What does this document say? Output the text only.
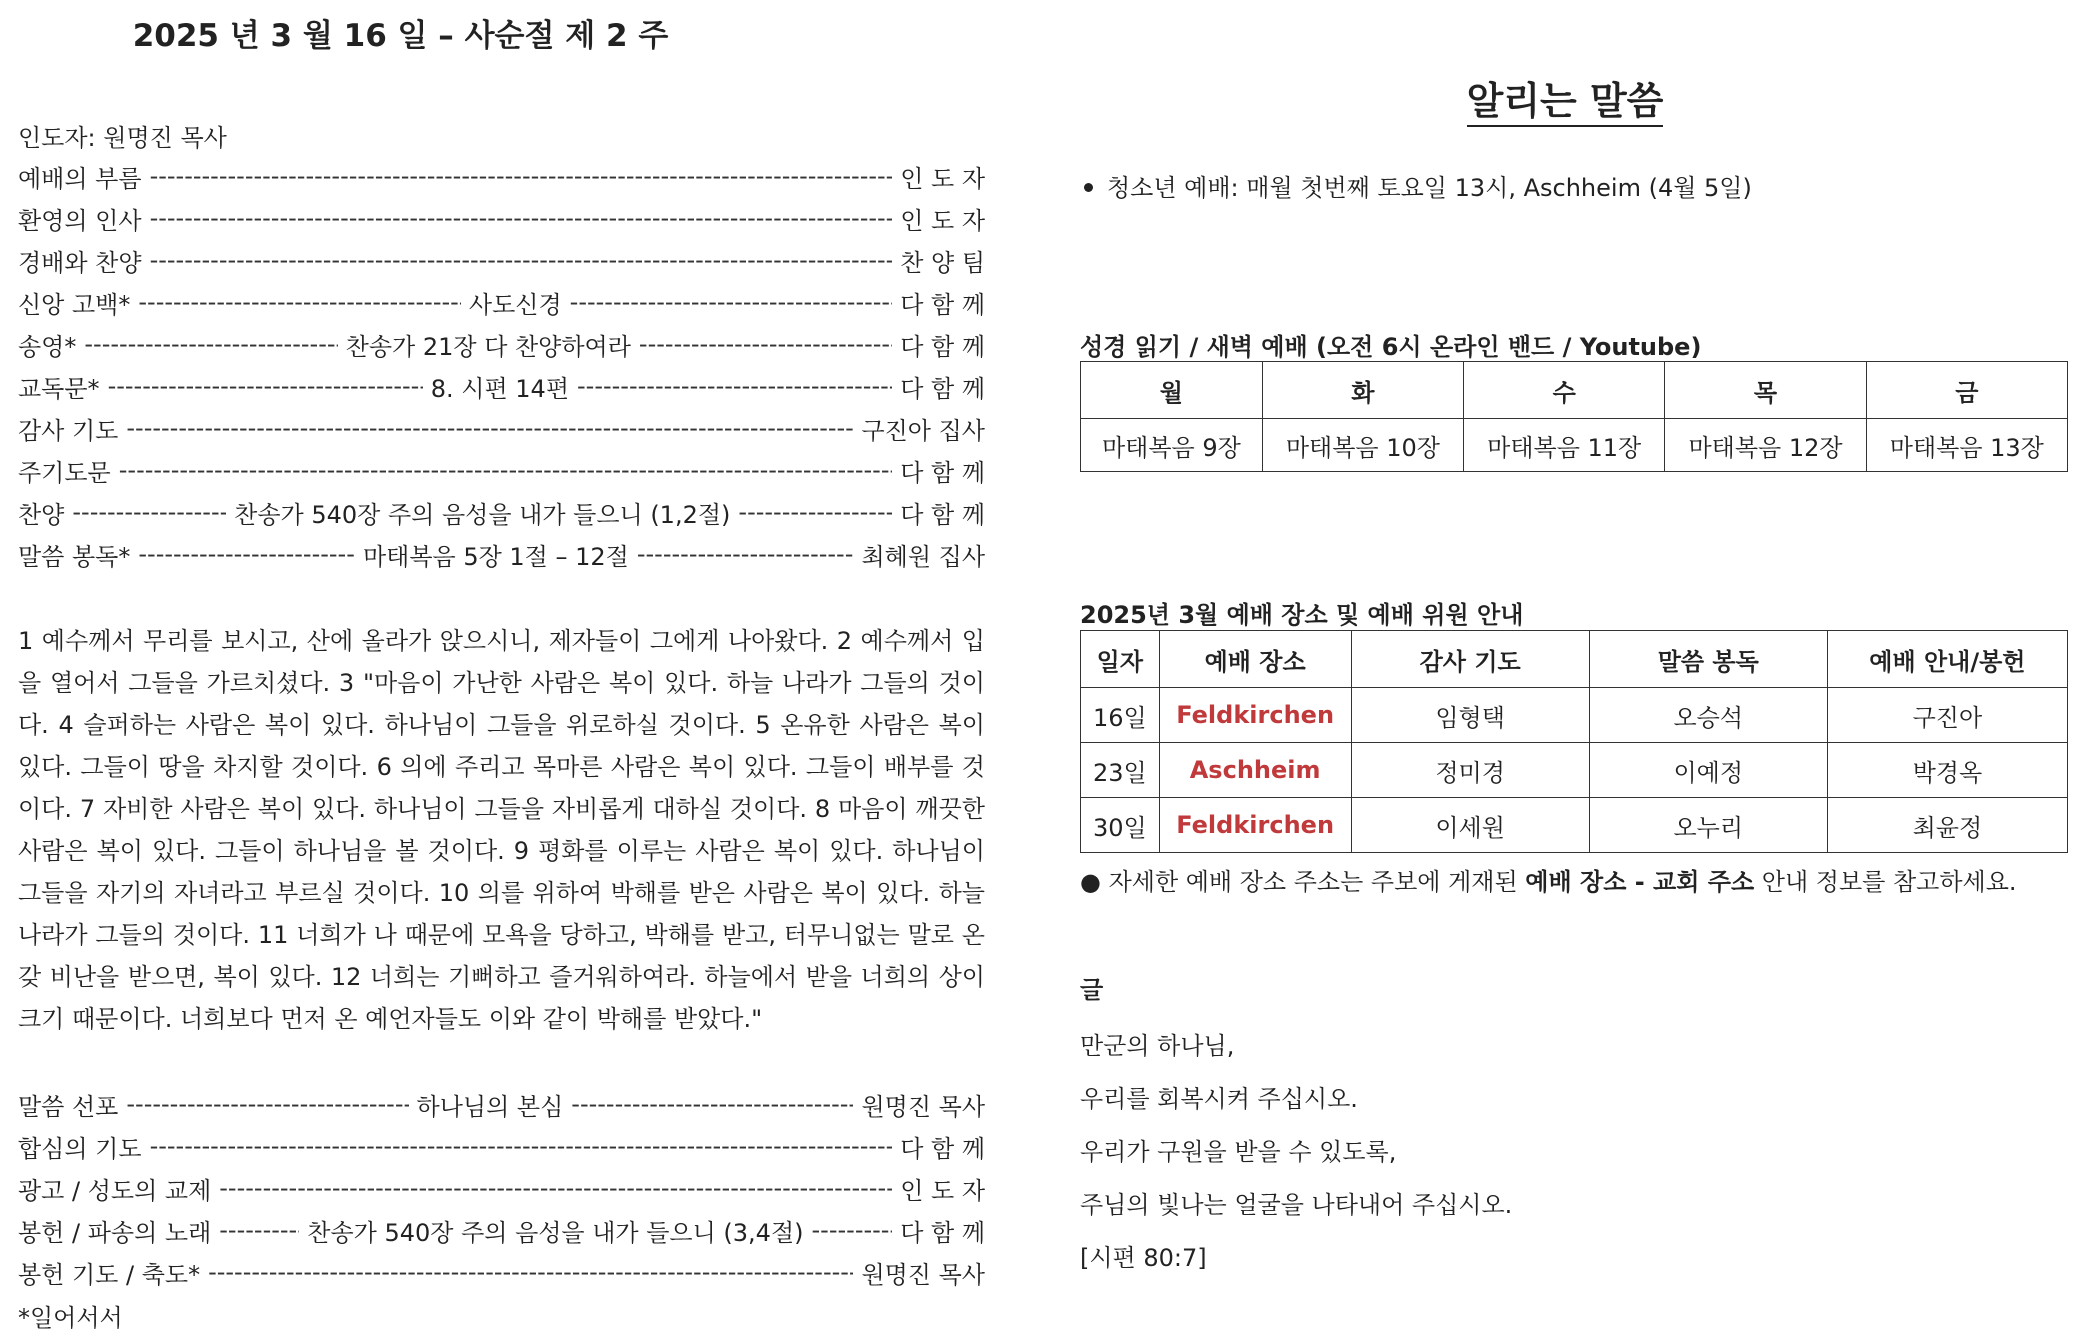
2025 년 3 월 16 일 – 사순절 제 2 주
인도자: 원명진 목사
예배의 부름 -----	인 도 자
환영의 인사 -----	인 도 자
경배와 찬양 -----	찬 양 팀
신앙 고백* -----	사도신경 -----	다 함 께
송영* -----	찬송가 21장 다 찬양하여라 -----	다 함 께
교독문* -----	8. 시편 14편 -----	다 함 께
감사 기도 -----	구진아 집사
주기도문 -----	다 함 께
찬양 -----	찬송가 540장 주의 음성을 내가 들으니 (1,2절) -----	다 함 께
말씀 봉독* -----	마태복음 5장 1절 – 12절 -----	최혜원 집사
1 예수께서 무리를 보시고, 산에 올라가 앉으시니, 제자들이 그에게 나아왔다. 2 예수께서 입을 열어서 그들을 가르치셨다. 3 "마음이 가난한 사람은 복이 있다. 하늘 나라가 그들의 것이다. 4 슬퍼하는 사람은 복이 있다. 하나님이 그들을 위로하실 것이다. 5 온유한 사람은 복이 있다. 그들이 땅을 차지할 것이다. 6 의에 주리고 목마른 사람은 복이 있다. 그들이 배부를 것이다. 7 자비한 사람은 복이 있다. 하나님이 그들을 자비롭게 대하실 것이다. 8 마음이 깨끗한 사람은 복이 있다. 그들이 하나님을 볼 것이다. 9 평화를 이루는 사람은 복이 있다. 하나님이 그들을 자기의 자녀라고 부르실 것이다. 10 의를 위하여 박해를 받은 사람은 복이 있다. 하늘 나라가 그들의 것이다. 11 너희가 나 때문에 모욕을 당하고, 박해를 받고, 터무니없는 말로 온갖 비난을 받으면, 복이 있다. 12 너희는 기뻐하고 즐거워하여라. 하늘에서 받을 너희의 상이 크기 때문이다. 너희보다 먼저 온 예언자들도 이와 같이 박해를 받았다."
말씀 선포 -----	하나님의 본심 -----	원명진 목사
합심의 기도 -----	다 함 께
광고 / 성도의 교제 -----	인 도 자
봉헌 / 파송의 노래 -----	찬송가 540장 주의 음성을 내가 들으니 (3,4절) -----	다 함 께
봉헌 기도 / 축도* -----	원명진 목사
*일어서서
알리는 말씀
청소년 예배: 매월 첫번째 토요일 13시, Aschheim (4월 5일)
성경 읽기 / 새벽 예배 (오전 6시 온라인 밴드 / Youtube)
월	화	수	목	금
마태복음 9장	마태복음 10장	마태복음 11장	마태복음 12장	마태복음 13장
2025년 3월 예배 장소 및 예배 위원 안내
일자	예배 장소	감사 기도	말씀 봉독	예배 안내/봉헌
16일	Feldkirchen	임형택	오승석	구진아
23일	Aschheim	정미경	이예정	박경옥
30일	Feldkirchen	이세원	오누리	최윤정
● 자세한 예배 장소 주소는 주보에 게재된 예배 장소 - 교회 주소 안내 정보를 참고하세요.
글
만군의 하나님,
우리를 회복시켜 주십시오.
우리가 구원을 받을 수 있도록,
주님의 빛나는 얼굴을 나타내어 주십시오.
[시편 80:7]
